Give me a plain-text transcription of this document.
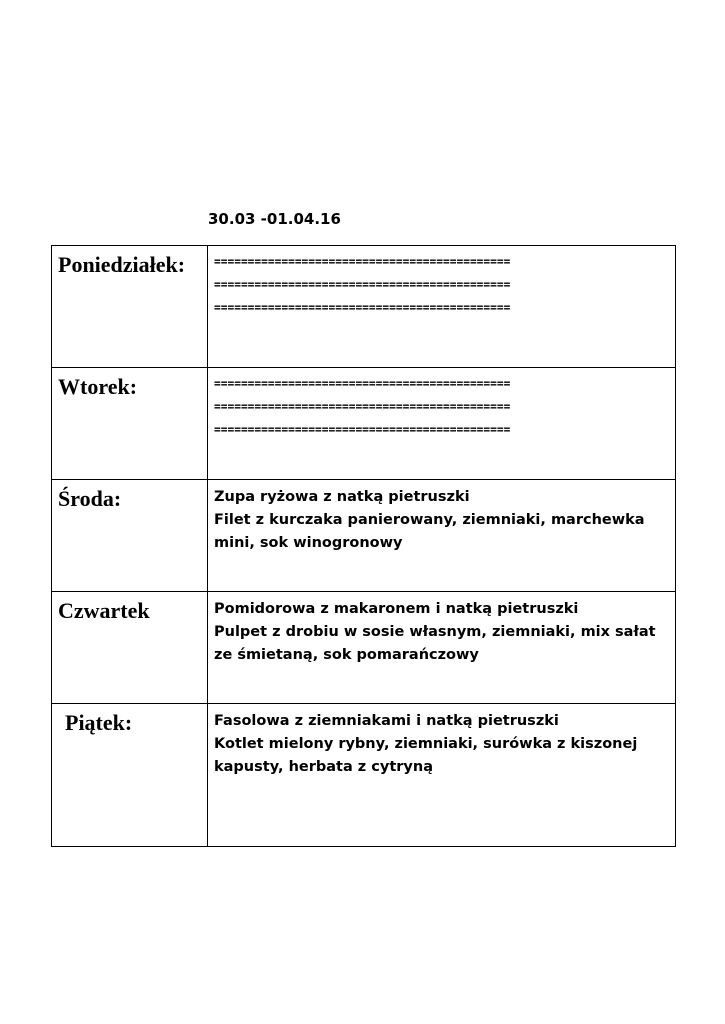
30.03 -01.04.16
Poniedziałek:	============================================
============================================
============================================

Wtorek:	============================================
============================================
============================================

Środa:	Zupa ryżowa z natką pietruszki
Filet z kurczaka panierowany, ziemniaki, marchewka
mini, sok winogronowy

Czwartek	Pomidorowa z makaronem i natką pietruszki
Pulpet z drobiu w sosie własnym, ziemniaki, mix sałat
ze śmietaną, sok pomarańczowy

Piątek:	Fasolowa z ziemniakami i natką pietruszki
Kotlet mielony rybny, ziemniaki, surówka z kiszonej
kapusty, herbata z cytryną
